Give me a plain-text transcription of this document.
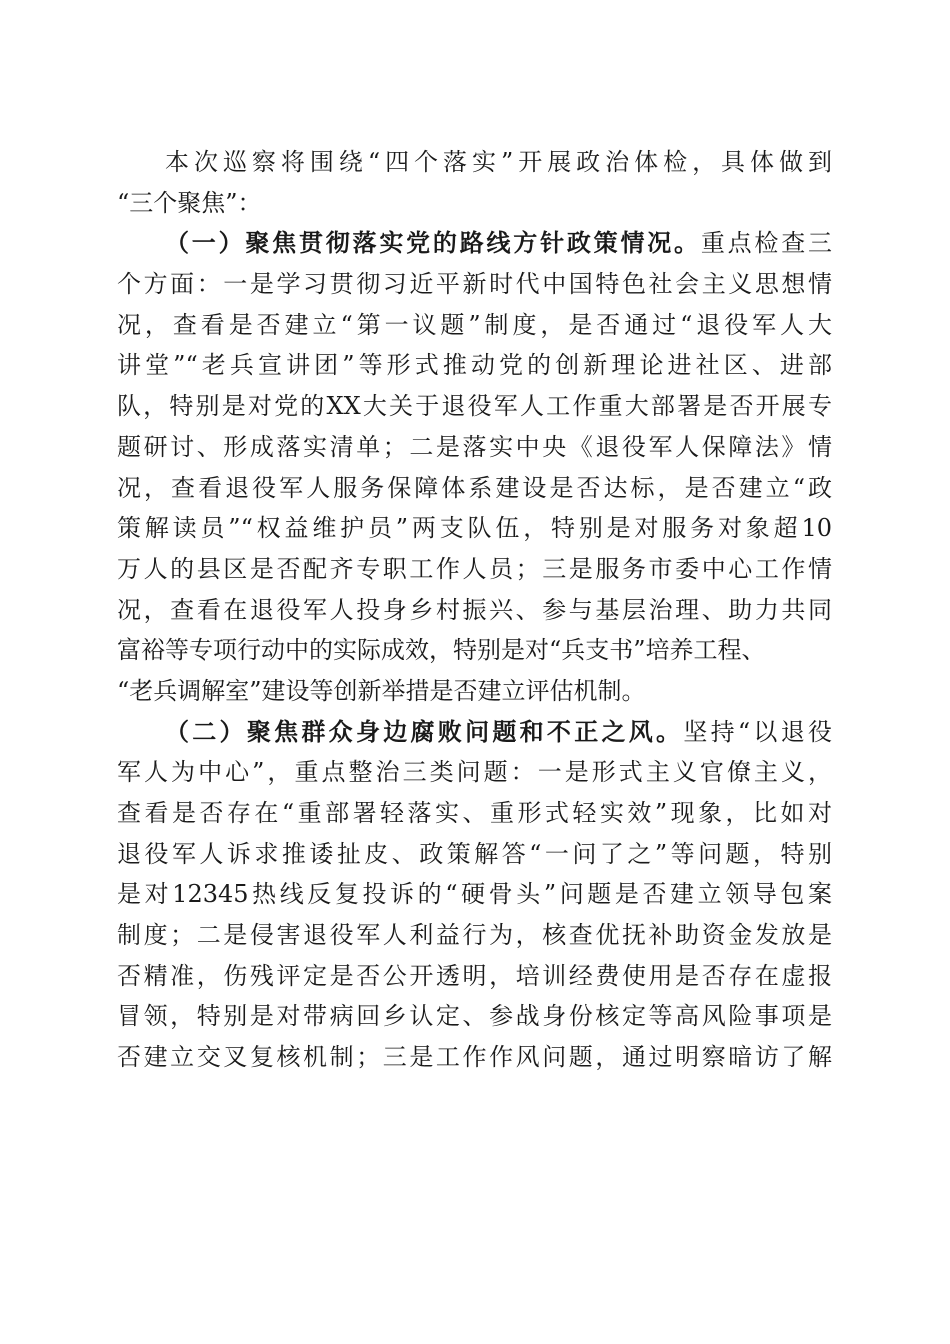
本次巡察将围绕“四个落实”开展政治体检，具体做到
“三个聚焦”：
（一）聚焦贯彻落实党的路线方针政策情况。重点检查三
个方面：一是学习贯彻习近平新时代中国特色社会主义思想情
况，查看是否建立“第一议题”制度，是否通过“退役军人大
讲堂”“老兵宣讲团”等形式推动党的创新理论进社区、进部
队，特别是对党的XX大关于退役军人工作重大部署是否开展专
题研讨、形成落实清单；二是落实中央《退役军人保障法》情
况，查看退役军人服务保障体系建设是否达标，是否建立“政
策解读员”“权益维护员”两支队伍，特别是对服务对象超10
万人的县区是否配齐专职工作人员；三是服务市委中心工作情
况，查看在退役军人投身乡村振兴、参与基层治理、助力共同
富裕等专项行动中的实际成效，特别是对“兵支书”培养工程、
“老兵调解室”建设等创新举措是否建立评估机制。
（二）聚焦群众身边腐败问题和不正之风。坚持“以退役
军人为中心”，重点整治三类问题：一是形式主义官僚主义，
查看是否存在“重部署轻落实、重形式轻实效”现象，比如对
退役军人诉求推诿扯皮、政策解答“一问了之”等问题，特别
是对12345热线反复投诉的“硬骨头”问题是否建立领导包案
制度；二是侵害退役军人利益行为，核查优抚补助资金发放是
否精准，伤残评定是否公开透明，培训经费使用是否存在虚报
冒领，特别是对带病回乡认定、参战身份核定等高风险事项是
否建立交叉复核机制；三是工作作风问题，通过明察暗访了解
